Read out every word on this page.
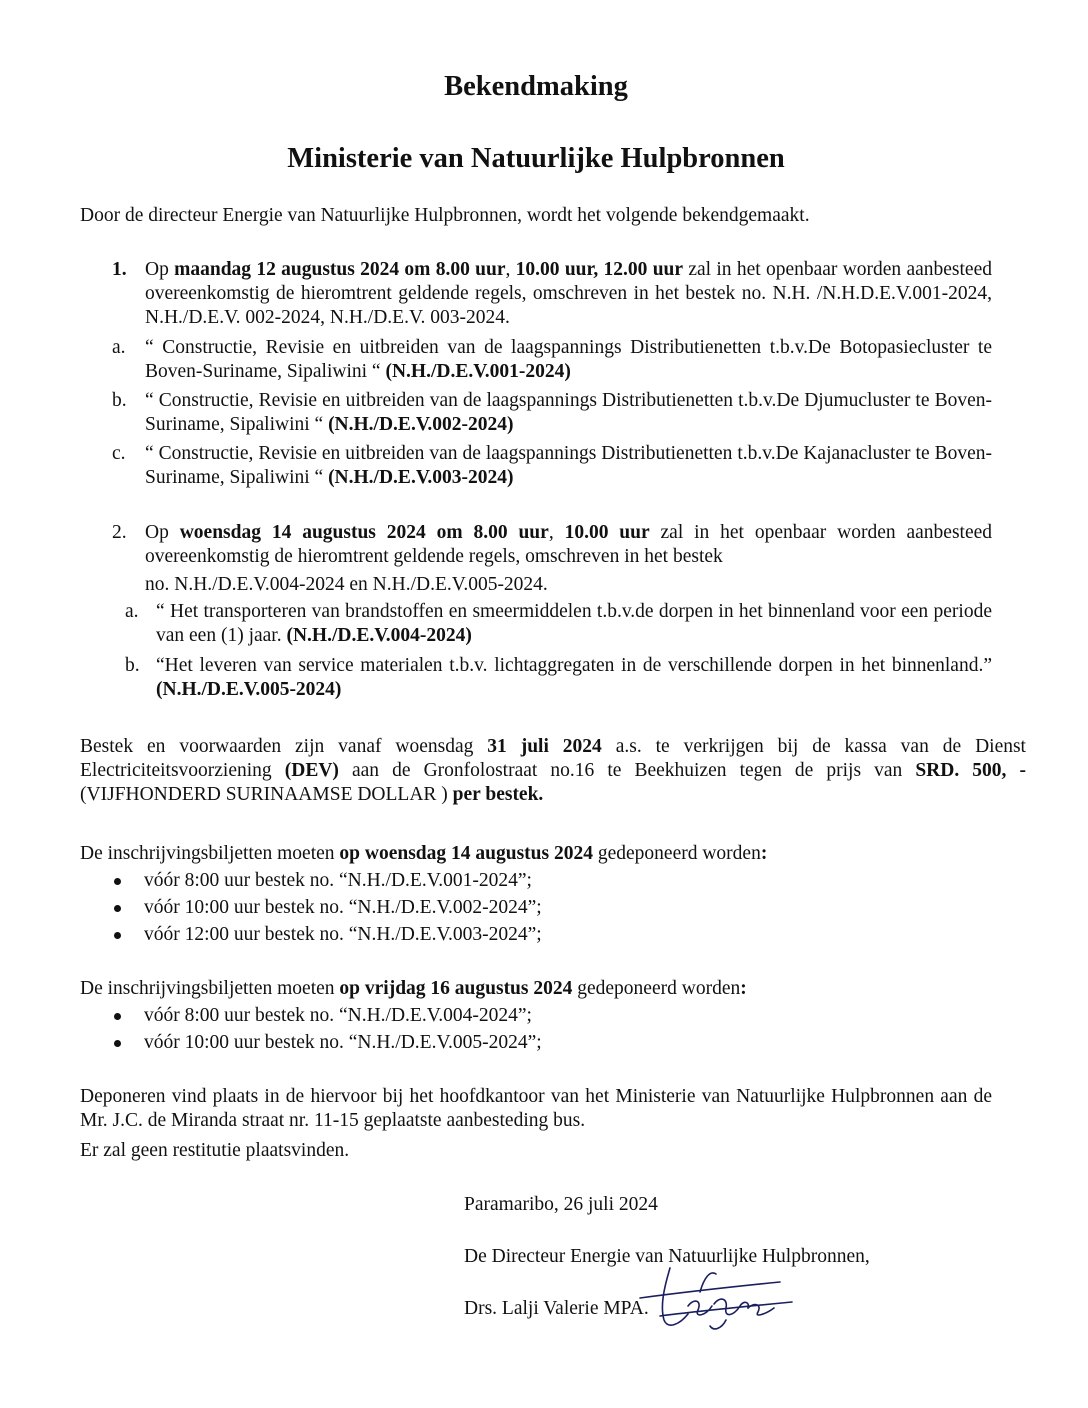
Bekendmaking
Ministerie van Natuurlijke Hulpbronnen
Door de directeur Energie van Natuurlijke Hulpbronnen, wordt het volgende bekendgemaakt.
1. Op maandag 12 augustus 2024 om 8.00 uur, 10.00 uur, 12.00 uur zal in het openbaar worden aanbesteed overeenkomstig de hieromtrent geldende regels, omschreven in het bestek no. N.H. /N.H.D.E.V.001-2024, N.H./D.E.V. 002-2024, N.H./D.E.V. 003-2024.
a. “ Constructie, Revisie en uitbreiden van de laagspannings Distributienetten t.b.v.De Botopasiecluster te Boven-Suriname, Sipaliwini “ (N.H./D.E.V.001-2024)
b. “ Constructie, Revisie en uitbreiden van de laagspannings Distributienetten t.b.v.De Djumucluster te Boven-Suriname, Sipaliwini “ (N.H./D.E.V.002-2024)
c. “ Constructie, Revisie en uitbreiden van de laagspannings Distributienetten t.b.v.De Kajanacluster te Boven-Suriname, Sipaliwini “ (N.H./D.E.V.003-2024)
2. Op woensdag 14 augustus 2024 om 8.00 uur, 10.00 uur zal in het openbaar worden aanbesteed overeenkomstig de hieromtrent geldende regels, omschreven in het bestek
no. N.H./D.E.V.004-2024 en N.H./D.E.V.005-2024.
a. “ Het transporteren van brandstoffen en smeermiddelen t.b.v.de dorpen in het binnenland voor een periode van een (1) jaar. (N.H./D.E.V.004-2024)
b. “Het leveren van service materialen t.b.v. lichtaggregaten in de verschillende dorpen in het binnenland.” (N.H./D.E.V.005-2024)
Bestek en voorwaarden zijn vanaf woensdag 31 juli 2024 a.s. te verkrijgen bij de kassa van de Dienst Electriciteitsvoorziening (DEV) aan de Gronfolostraat no.16 te Beekhuizen tegen de prijs van SRD. 500, - (VIJFHONDERD SURINAAMSE DOLLAR ) per bestek.
De inschrijvingsbiljetten moeten op woensdag 14 augustus 2024 gedeponeerd worden:
vóór 8:00 uur bestek no. “N.H./D.E.V.001-2024”;
vóór 10:00 uur bestek no. “N.H./D.E.V.002-2024”;
vóór 12:00 uur bestek no. “N.H./D.E.V.003-2024”;
De inschrijvingsbiljetten moeten op vrijdag 16 augustus 2024 gedeponeerd worden:
vóór 8:00 uur bestek no. “N.H./D.E.V.004-2024”;
vóór 10:00 uur bestek no. “N.H./D.E.V.005-2024”;
Deponeren vind plaats in de hiervoor bij het hoofdkantoor van het Ministerie van Natuurlijke Hulpbronnen aan de Mr. J.C. de Miranda straat nr. 11-15 geplaatste aanbesteding bus.
Er zal geen restitutie plaatsvinden.
Paramaribo, 26 juli 2024
De Directeur Energie van Natuurlijke Hulpbronnen,
Drs. Lalji Valerie MPA.
